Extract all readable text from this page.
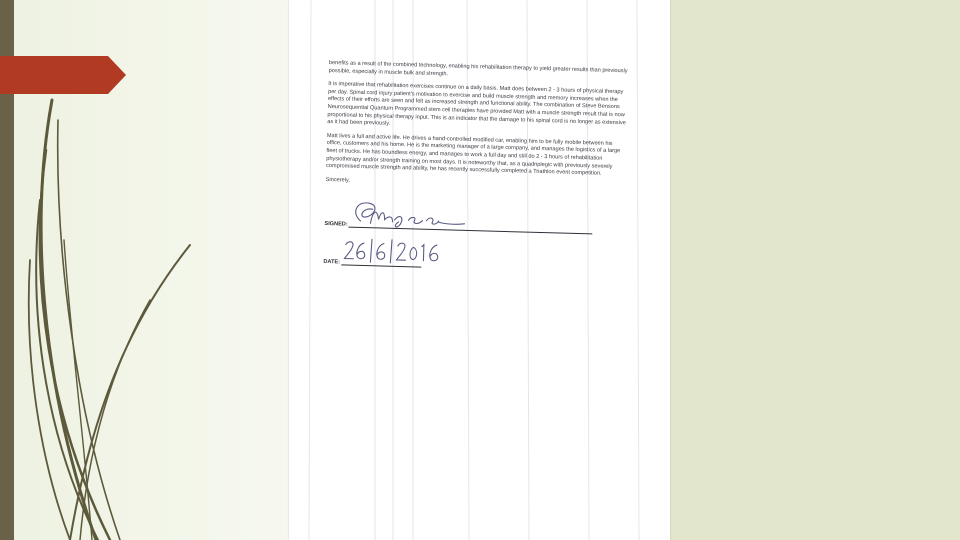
benefits as a result of the combined technology, enabling his rehabilitation therapy to yield greater results than previously possible, especially in muscle bulk and strength.

It is imperative that rehabilitation exercises continue on a daily basis. Matt does between 2 - 3 hours of physical therapy per day. Spinal cord injury patient's motivation to exercise and build muscle strength and memory increases when the effects of their efforts are seen and felt as increased strength and functional ability. The combination of Steve Bensons Neurosequential Quantum Programmed stem cell therapies have provided Matt with a muscle strength result that is now proportional to his physical therapy input. This is an indicator that the damage to his spinal cord is no longer as extensive as it had been previously.

Matt lives a full and active life. He drives a hand-controlled modified car, enabling him to be fully mobile between his office, customers and his home. He is the marketing manager of a large company, and manages the logistics of a large fleet of trucks. He has boundless energy, and manages to work a full day and still do 2 - 3 hours of rehabilitation physiotherapy and/or strength training on most days. It is noteworthy that, as a quadriplegic with previously severely compromised muscle strength and ability, he has recently successfully completed a Triathlon event competition.

Sincerely,

SIGNED:
DATE:
